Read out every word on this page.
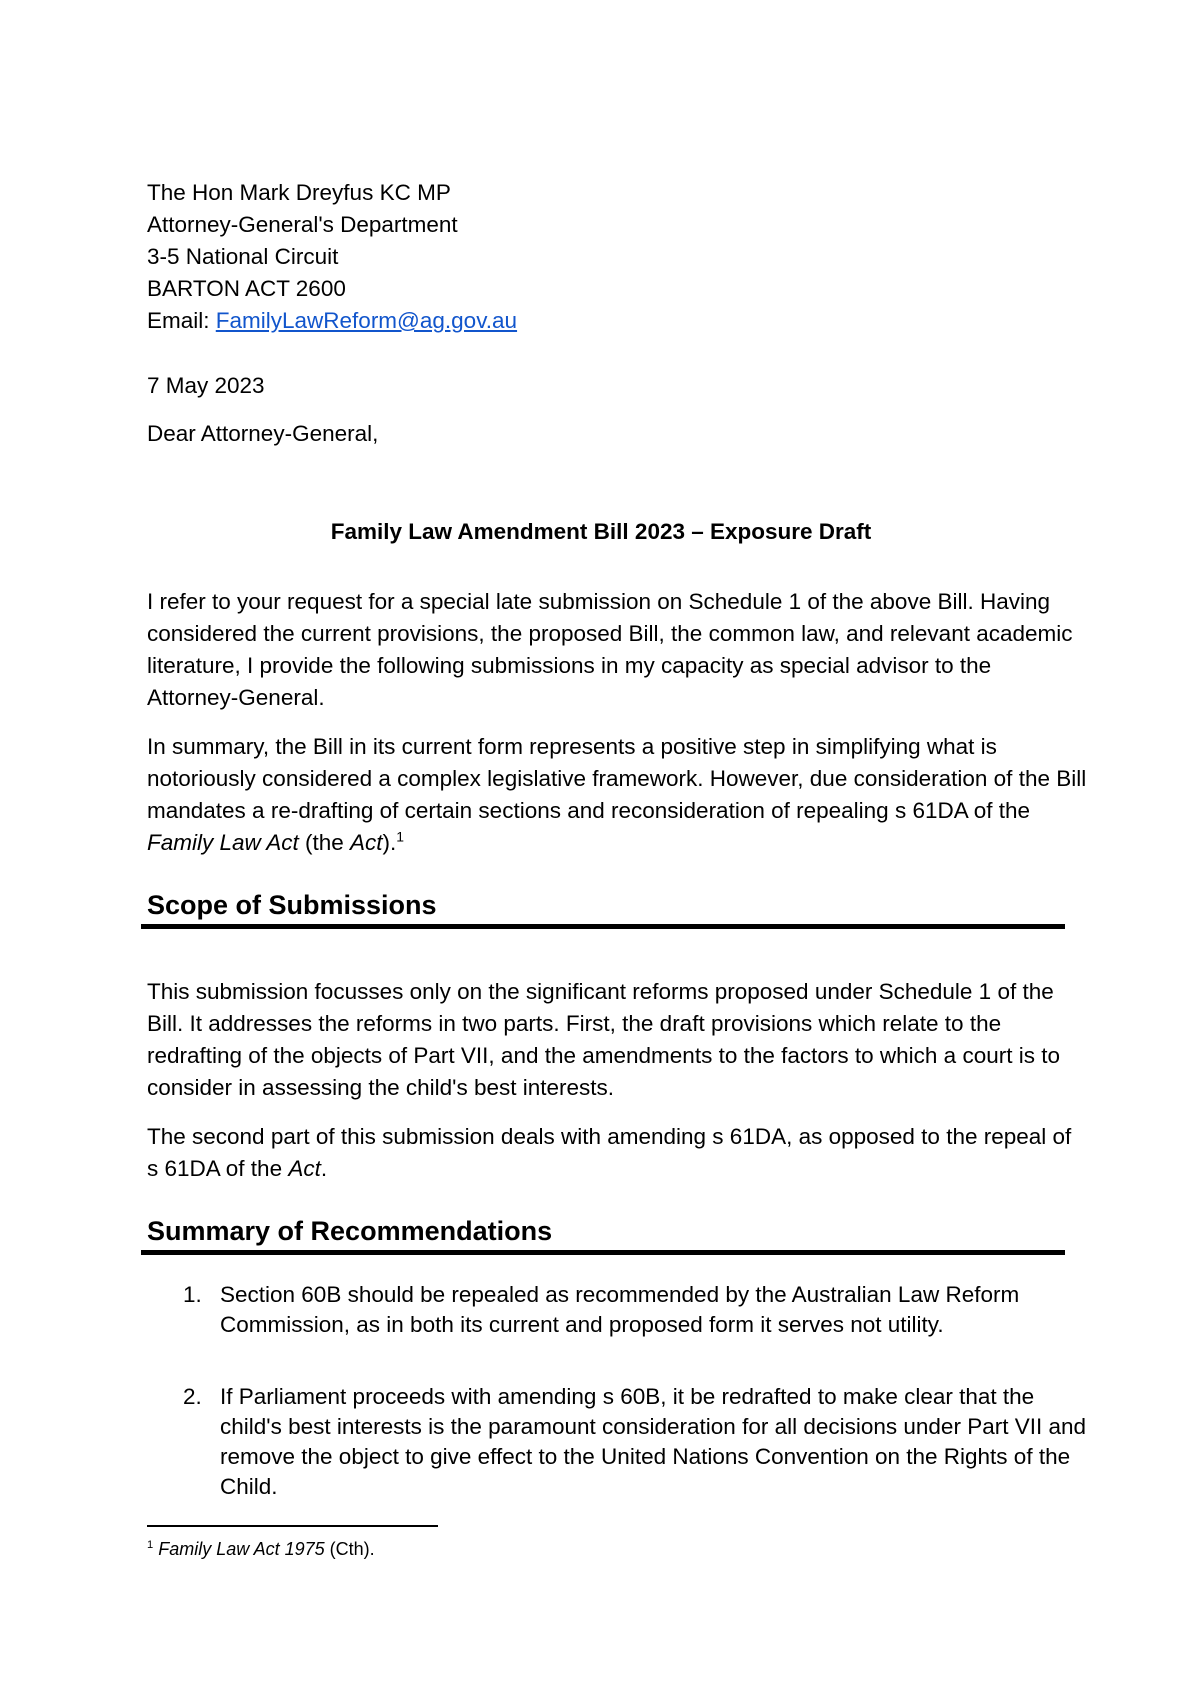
The Hon Mark Dreyfus KC MP
Attorney-General's Department
3-5 National Circuit
BARTON ACT 2600
Email: FamilyLawReform@ag.gov.au
7 May 2023
Dear Attorney-General,
Family Law Amendment Bill 2023 – Exposure Draft

I refer to your request for a special late submission on Schedule 1 of the above Bill. Having considered the current provisions, the proposed Bill, the common law, and relevant academic literature, I provide the following submissions in my capacity as special advisor to the Attorney-General.

In summary, the Bill in its current form represents a positive step in simplifying what is notoriously considered a complex legislative framework. However, due consideration of the Bill mandates a re-drafting of certain sections and reconsideration of repealing s 61DA of the Family Law Act (the Act).$^1$

Scope of Submissions

This submission focusses only on the significant reforms proposed under Schedule 1 of the Bill. It addresses the reforms in two parts. First, the draft provisions which relate to the redrafting of the objects of Part VII, and the amendments to the factors to which a court is to consider in assessing the child's best interests.

The second part of this submission deals with amending s 61DA, as opposed to the repeal of s 61DA of the Act.

Summary of Recommendations
1. Section 60B should be repealed as recommended by the Australian Law Reform Commission, as in both its current and proposed form it serves not utility.
2. If Parliament proceeds with amending s 60B, it be redrafted to make clear that the child's best interests is the paramount consideration for all decisions under Part VII and remove the object to give effect to the United Nations Convention on the Rights of the Child.
$^1$ Family Law Act 1975 (Cth).
